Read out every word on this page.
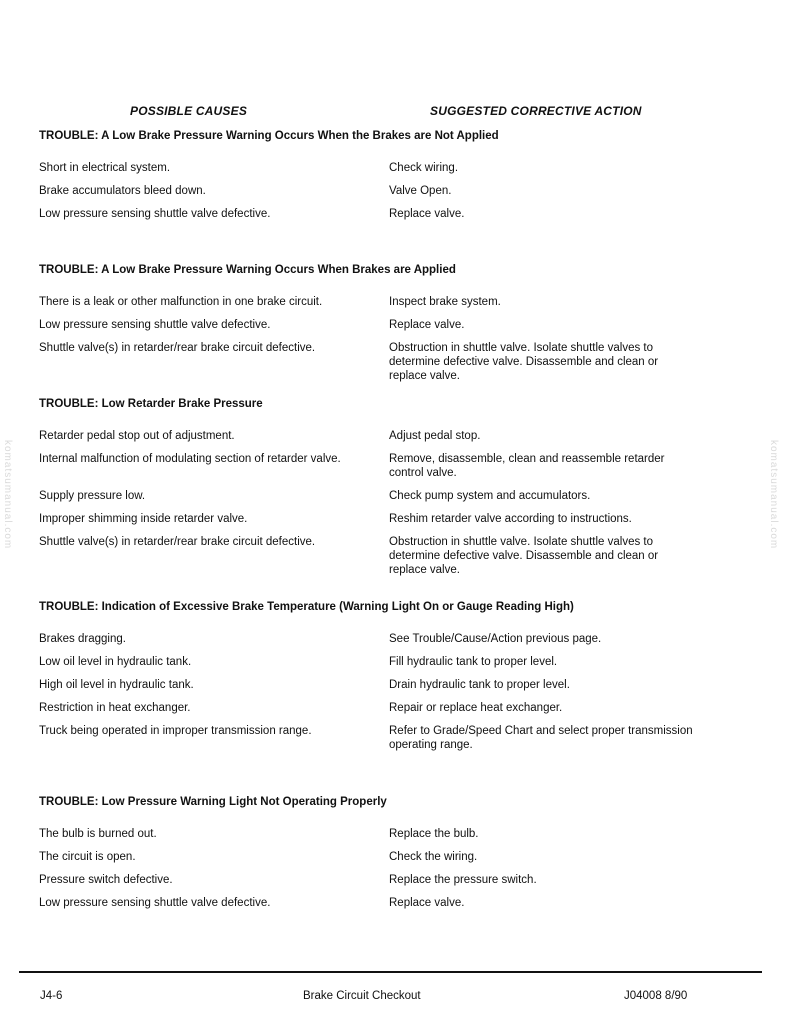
komatsumanual.com	komatsumanual.com
POSSIBLE CAUSES	SUGGESTED CORRECTIVE ACTION
TROUBLE: A Low Brake Pressure Warning Occurs When the Brakes are Not Applied
Short in electrical system.	Check wiring.
Brake accumulators bleed down.	Valve Open.
Low pressure sensing shuttle valve defective.	Replace valve.
TROUBLE: A Low Brake Pressure Warning Occurs When Brakes are Applied
There is a leak or other malfunction in one brake circuit.	Inspect brake system.
Low pressure sensing shuttle valve defective.	Replace valve.
Shuttle valve(s) in retarder/rear brake circuit defective.	Obstruction in shuttle valve. Isolate shuttle valves to determine defective valve. Disassemble and clean or replace valve.
TROUBLE: Low Retarder Brake Pressure
Retarder pedal stop out of adjustment.	Adjust pedal stop.
Internal malfunction of modulating section of retarder valve.	Remove, disassemble, clean and reassemble retarder control valve.
Supply pressure low.	Check pump system and accumulators.
Improper shimming inside retarder valve.	Reshim retarder valve according to instructions.
Shuttle valve(s) in retarder/rear brake circuit defective.	Obstruction in shuttle valve. Isolate shuttle valves to determine defective valve. Disassemble and clean or replace valve.
TROUBLE: Indication of Excessive Brake Temperature (Warning Light On or Gauge Reading High)
Brakes dragging.	See Trouble/Cause/Action previous page.
Low oil level in hydraulic tank.	Fill hydraulic tank to proper level.
High oil level in hydraulic tank.	Drain hydraulic tank to proper level.
Restriction in heat exchanger.	Repair or replace heat exchanger.
Truck being operated in improper transmission range.	Refer to Grade/Speed Chart and select proper transmission operating range.
TROUBLE: Low Pressure Warning Light Not Operating Properly
The bulb is burned out.	Replace the bulb.
The circuit is open.	Check the wiring.
Pressure switch defective.	Replace the pressure switch.
Low pressure sensing shuttle valve defective.	Replace valve.
J4-6	Brake Circuit Checkout	J04008 8/90
